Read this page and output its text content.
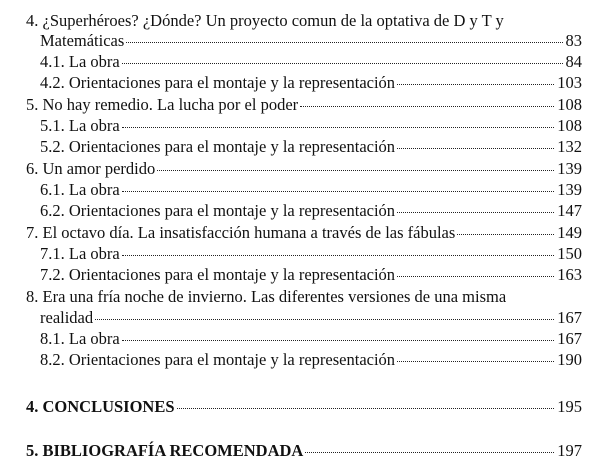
4. ¿Superhéroes? ¿Dónde? Un proyecto comun de la optativa de D y T y
Matemáticas	83
4.1. La obra	84
4.2. Orientaciones para el montaje y la representación	103
5. No hay remedio. La lucha por el poder	108
5.1. La obra	108
5.2. Orientaciones para el montaje y la representación	132
6. Un amor perdido	139
6.1. La obra	139
6.2. Orientaciones para el montaje y la representación	147
7. El octavo día. La insatisfacción humana a través de las fábulas	149
7.1. La obra	150
7.2. Orientaciones para el montaje y la representación	163
8. Era una fría noche de invierno. Las diferentes versiones de una misma
realidad	167
8.1. La obra	167
8.2. Orientaciones para el montaje y la representación	190
4. CONCLUSIONES	195
5. BIBLIOGRAFÍA RECOMENDADA	197
